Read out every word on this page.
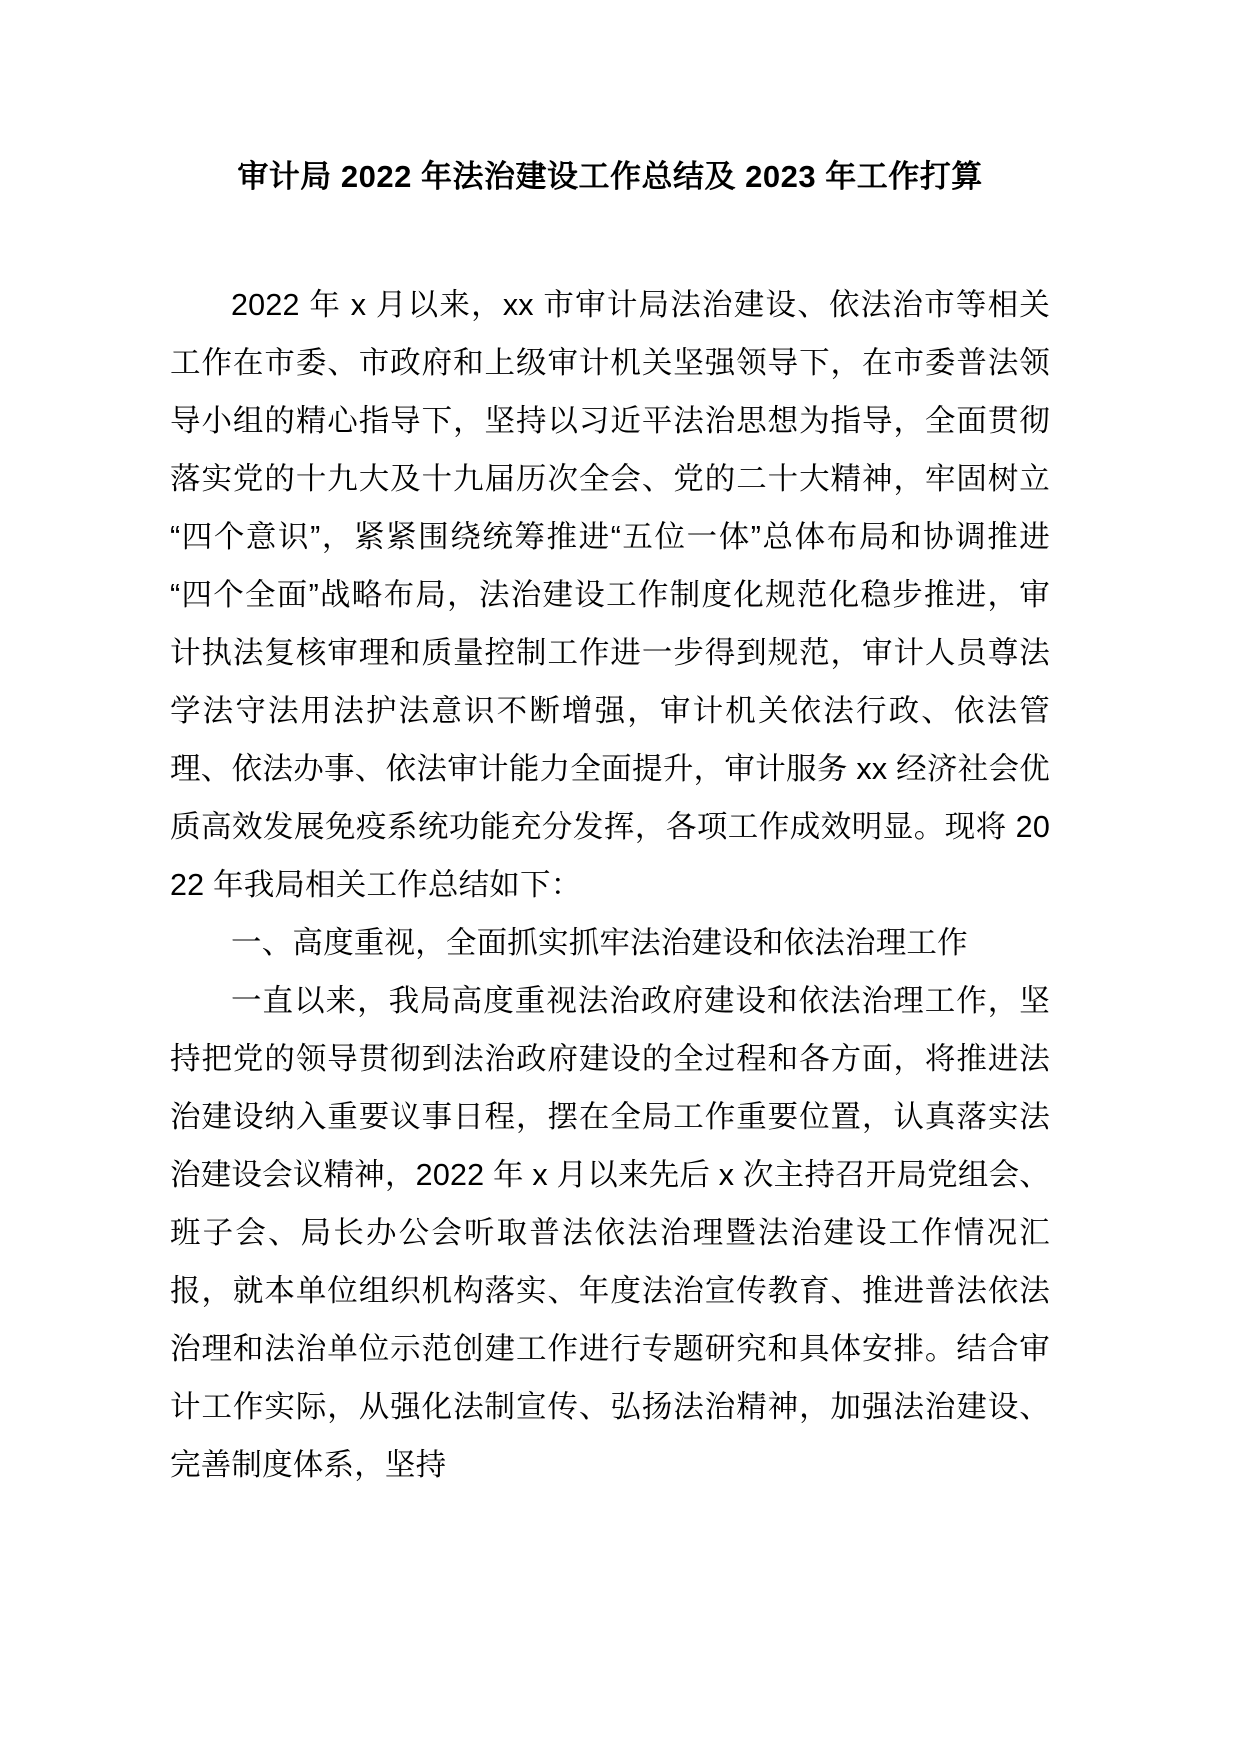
审计局 2022 年法治建设工作总结及 2023 年工作打算

2022 年 x 月以来，xx 市审计局法治建设、依法治市等相关工作在市委、市政府和上级审计机关坚强领导下，在市委普法领导小组的精心指导下，坚持以习近平法治思想为指导，全面贯彻落实党的十九大及十九届历次全会、党的二十大精神，牢固树立“四个意识”，紧紧围绕统筹推进“五位一体”总体布局和协调推进“四个全面”战略布局，法治建设工作制度化规范化稳步推进，审计执法复核审理和质量控制工作进一步得到规范，审计人员尊法学法守法用法护法意识不断增强，审计机关依法行政、依法管理、依法办事、依法审计能力全面提升，审计服务 xx 经济社会优质高效发展免疫系统功能充分发挥，各项工作成效明显。现将 2022 年我局相关工作总结如下：

一、高度重视，全面抓实抓牢法治建设和依法治理工作

一直以来，我局高度重视法治政府建设和依法治理工作，坚持把党的领导贯彻到法治政府建设的全过程和各方面，将推进法治建设纳入重要议事日程，摆在全局工作重要位置，认真落实法治建设会议精神，2022 年 x 月以来先后 x 次主持召开局党组会、班子会、局长办公会听取普法依法治理暨法治建设工作情况汇报，就本单位组织机构落实、年度法治宣传教育、推进普法依法治理和法治单位示范创建工作进行专题研究和具体安排。结合审计工作实际，从强化法制宣传、弘扬法治精神，加强法治建设、完善制度体系，坚持
